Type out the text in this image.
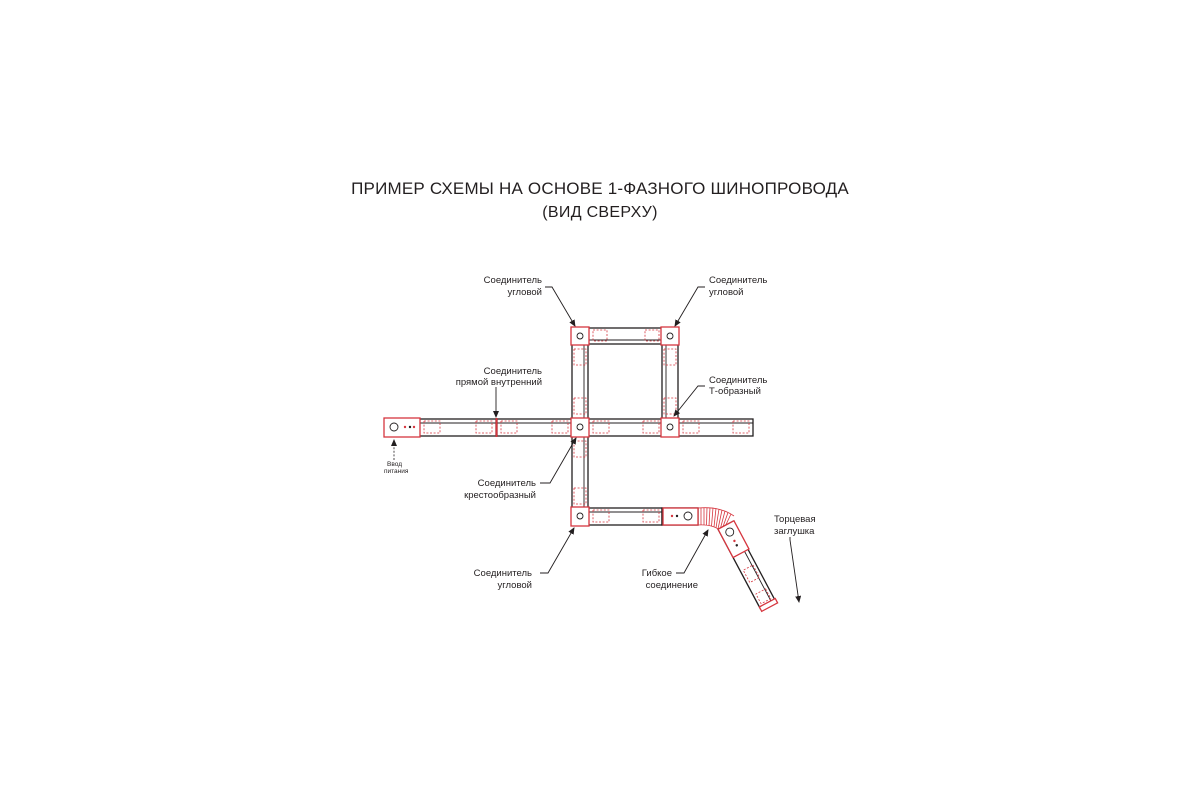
ПРИМЕР СХЕМЫ НА ОСНОВЕ 1-ФАЗНОГО ШИНОПРОВОДА
(ВИД СВЕРХУ)
Соединитель
угловой
Соединитель
угловой
Соединитель
прямой внутренний	Соединитель
Т-образный
Ввод
питания
Соединитель
крестообразный
Соединитель
угловой
Гибкое
соединение
Торцевая
заглушка
